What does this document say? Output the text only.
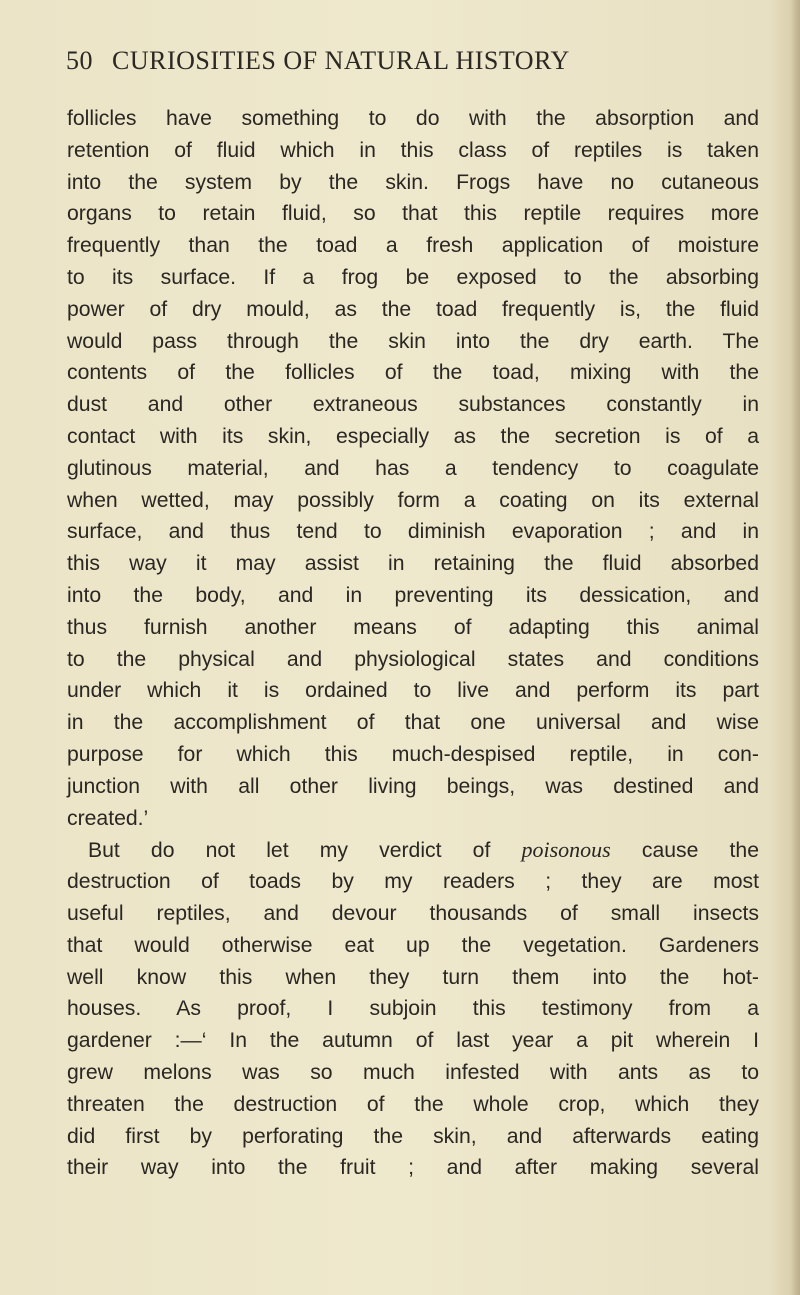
50 CURIOSITIES OF NATURAL HISTORY
follicles have something to do with the absorption and
retention of fluid which in this class of reptiles is taken
into the system by the skin. Frogs have no cutaneous
organs to retain fluid, so that this reptile requires more
frequently than the toad a fresh application of moisture
to its surface. If a frog be exposed to the absorbing
power of dry mould, as the toad frequently is, the fluid
would pass through the skin into the dry earth. The
contents of the follicles of the toad, mixing with the
dust and other extraneous substances constantly in
contact with its skin, especially as the secretion is of a
glutinous material, and has a tendency to coagulate
when wetted, may possibly form a coating on its external
surface, and thus tend to diminish evaporation ; and in
this way it may assist in retaining the fluid absorbed
into the body, and in preventing its dessication, and
thus furnish another means of adapting this animal
to the physical and physiological states and conditions
under which it is ordained to live and perform its part
in the accomplishment of that one universal and wise
purpose for which this much-despised reptile, in con-
junction with all other living beings, was destined and
created.’
But do not let my verdict of poisonous cause the
destruction of toads by my readers ; they are most
useful reptiles, and devour thousands of small insects
that would otherwise eat up the vegetation. Gardeners
well know this when they turn them into the hot-
houses. As proof, I subjoin this testimony from a
gardener :—‘ In the autumn of last year a pit wherein I
grew melons was so much infested with ants as to
threaten the destruction of the whole crop, which they
did first by perforating the skin, and afterwards eating
their way into the fruit ; and after making several
